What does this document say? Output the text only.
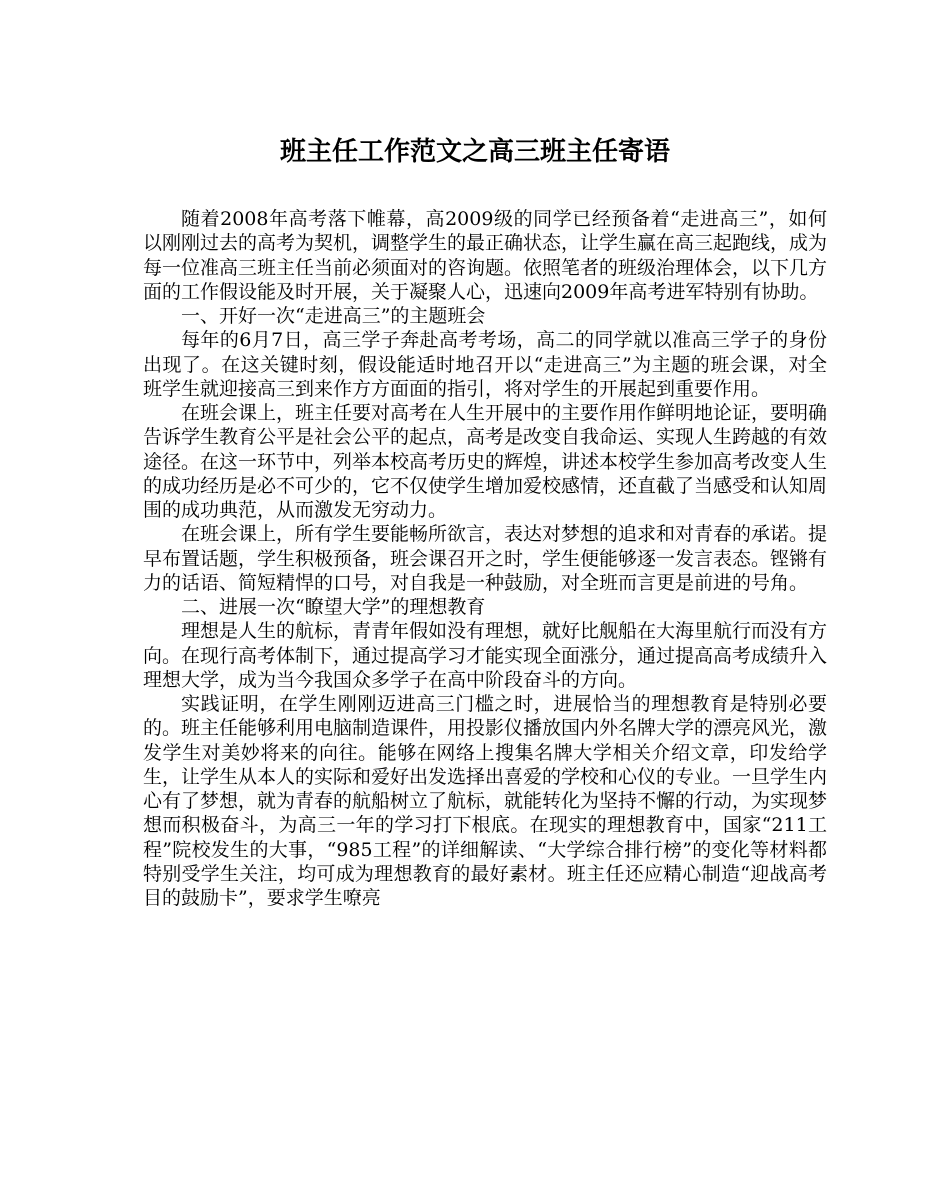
班主任工作范文之高三班主任寄语

随着2008年高考落下帷幕，高2009级的同学已经预备着“走进高三”，如何以刚刚过去的高考为契机，调整学生的最正确状态，让学生赢在高三起跑线，成为每一位准高三班主任当前必须面对的咨询题。依照笔者的班级治理体会，以下几方面的工作假设能及时开展，关于凝聚人心，迅速向2009年高考进军特别有协助。

一、开好一次“走进高三”的主题班会

每年的6月7日，高三学子奔赴高考考场，高二的同学就以准高三学子的身份出现了。在这关键时刻，假设能适时地召开以“走进高三”为主题的班会课，对全班学生就迎接高三到来作方方面面的指引，将对学生的开展起到重要作用。

在班会课上，班主任要对高考在人生开展中的主要作用作鲜明地论证，要明确告诉学生教育公平是社会公平的起点，高考是改变自我命运、实现人生跨越的有效途径。在这一环节中，列举本校高考历史的辉煌，讲述本校学生参加高考改变人生的成功经历是必不可少的，它不仅使学生增加爱校感情，还直截了当感受和认知周围的成功典范，从而激发无穷动力。

在班会课上，所有学生要能畅所欲言，表达对梦想的追求和对青春的承诺。提早布置话题，学生积极预备，班会课召开之时，学生便能够逐一发言表态。铿锵有力的话语、简短精悍的口号，对自我是一种鼓励，对全班而言更是前进的号角。

二、进展一次“瞭望大学”的理想教育

理想是人生的航标，青青年假如没有理想，就好比舰船在大海里航行而没有方向。在现行高考体制下，通过提高学习才能实现全面涨分，通过提高高考成绩升入理想大学，成为当今我国众多学子在高中阶段奋斗的方向。

实践证明，在学生刚刚迈进高三门槛之时，进展恰当的理想教育是特别必要的。班主任能够利用电脑制造课件，用投影仪播放国内外名牌大学的漂亮风光，激发学生对美妙将来的向往。能够在网络上搜集名牌大学相关介绍文章，印发给学生，让学生从本人的实际和爱好出发选择出喜爱的学校和心仪的专业。一旦学生内心有了梦想，就为青春的航船树立了航标，就能转化为坚持不懈的行动，为实现梦想而积极奋斗，为高三一年的学习打下根底。在现实的理想教育中，国家“211工程”院校发生的大事，“985工程”的详细解读、“大学综合排行榜”的变化等材料都特别受学生关注，均可成为理想教育的最好素材。班主任还应精心制造“迎战高考目的鼓励卡”，要求学生嘹亮
